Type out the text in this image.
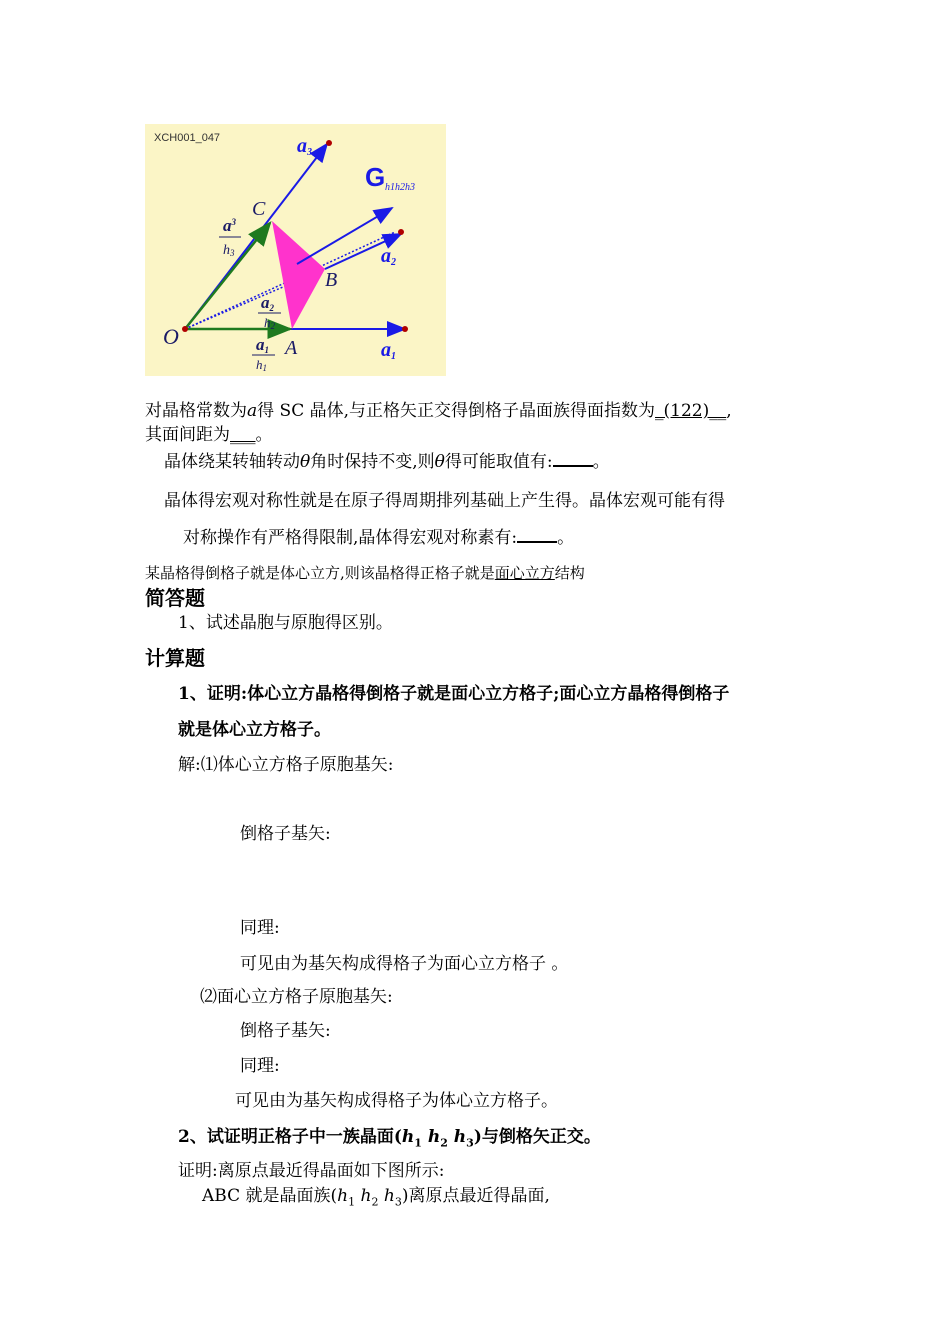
XCH001_047	a3
G h1h2h3
C
B
A
O
a2
a1
$a^3$
h3
a2
h2
a1
h1
对晶格常数为a得 SC 晶体,与正格矢正交得倒格子晶面族得面指数为_(122)__,
其面间距为___。
晶体绕某转轴转动θ角时保持不变,则θ得可能取值有: 。
晶体得宏观对称性就是在原子得周期排列基础上产生得。晶体宏观可能有得
对称操作有严格得限制,晶体得宏观对称素有: 。
某晶格得倒格子就是体心立方,则该晶格得正格子就是面心立方结构
简答题
1、试述晶胞与原胞得区别。
计算题
1、证明:体心立方晶格得倒格子就是面心立方格子;面心立方晶格得倒格子
就是体心立方格子。
解:⑴体心立方格子原胞基矢:
倒格子基矢:
同理:
可见由为基矢构成得格子为面心立方格子 。
⑵面心立方格子原胞基矢:
倒格子基矢:
同理:
可见由为基矢构成得格子为体心立方格子。
2、试证明正格子中一族晶面($h_1$ $h_2$ $h_3$)与倒格矢正交。
证明:离原点最近得晶面如下图所示:
ABC 就是晶面族($h_1$ $h_2$ $h_3$)离原点最近得晶面,
